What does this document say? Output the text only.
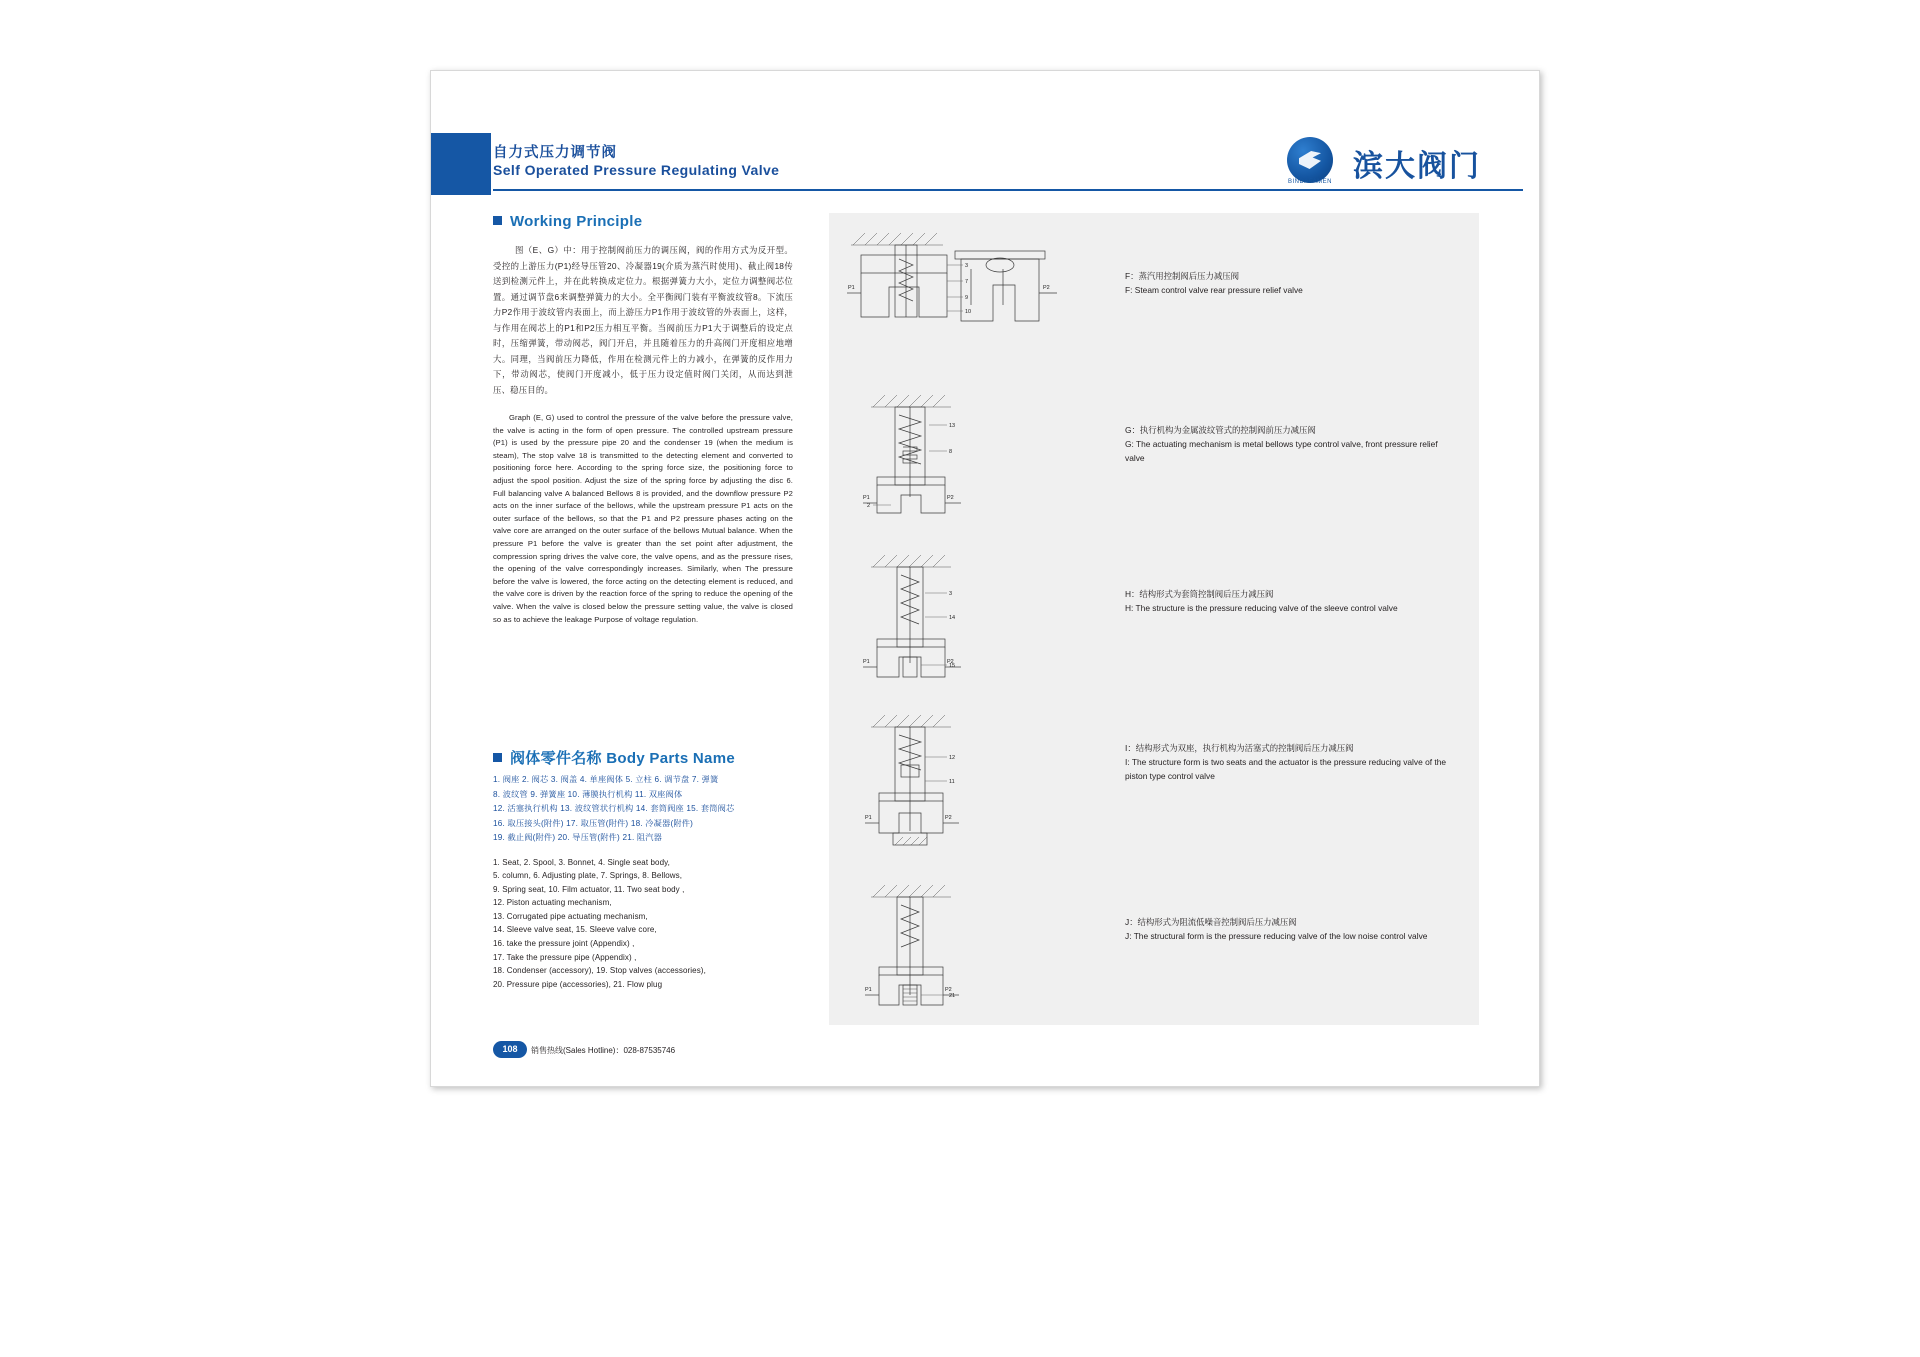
自力式压力调节阀
Self Operated Pressure Regulating Valve
BINDAFAMEN 滨大阀门
Working Principle
图（E、G）中：用于控制阀前压力的调压阀，阀的作用方式为反开型。受控的上游压力(P1)经导压管20、冷凝器19(介质为蒸汽时使用)、截止阀18传送到检测元件上，并在此转换成定位力。根据弹簧力大小，定位力调整阀芯位置。通过调节盘6来调整弹簧力的大小。全平衡阀门装有平衡波纹管8。下流压力P2作用于波纹管内表面上，而上游压力P1作用于波纹管的外表面上，这样，与作用在阀芯上的P1和P2压力相互平衡。当阀前压力P1大于调整后的设定点时，压缩弹簧，带动阀芯，阀门开启，并且随着压力的升高阀门开度相应地增大。同理，当阀前压力降低，作用在检测元件上的力减小，在弹簧的反作用力下，带动阀芯，使阀门开度减小，低于压力设定值时阀门关闭，从而达到泄压、稳压目的。
Graph (E, G) used to control the pressure of the valve before the pressure valve, the valve is acting in the form of open pressure. The controlled upstream pressure (P1) is used by the pressure pipe 20 and the condenser 19 (when the medium is steam), The stop valve 18 is transmitted to the detecting element and converted to positioning force here. According to the spring force size, the positioning force to adjust the spool position. Adjust the size of the spring force by adjusting the disc 6. Full balancing valve A balanced Bellows 8 is provided, and the downflow pressure P2 acts on the inner surface of the bellows, while the upstream pressure P1 acts on the outer surface of the bellows, so that the P1 and P2 pressure phases acting on the valve core are arranged on the outer surface of the bellows Mutual balance. When the pressure P1 before the valve is greater than the set point after adjustment, the compression spring drives the valve core, the valve opens, and as the pressure rises, the opening of the valve correspondingly increases. Similarly, when The pressure before the valve is lowered, the force acting on the detecting element is reduced, and the valve core is driven by the reaction force of the spring to reduce the opening of the valve. When the valve is closed below the pressure setting value, the valve is closed so as to achieve the leakage Purpose of voltage regulation.
阀体零件名称 Body Parts Name
1. 阀座 2. 阀芯 3. 阀盖 4. 单座阀体 5. 立柱 6. 调节盘 7. 弹簧
8. 波纹管 9. 弹簧座 10. 薄膜执行机构 11. 双座阀体
12. 活塞执行机构 13. 波纹管状行机构 14. 套筒阀座 15. 套筒阀芯
16. 取压接头(附件) 17. 取压管(附件) 18. 冷凝器(附件)
19. 截止阀(附件) 20. 导压管(附件) 21. 阻汽器
1. Seat, 2. Spool, 3. Bonnet, 4. Single seat body,
5. column, 6. Adjusting plate, 7. Springs, 8. Bellows,
9. Spring seat, 10. Film actuator, 11. Two seat body ,
12. Piston actuating mechanism,
13. Corrugated pipe actuating mechanism,
14. Sleeve valve seat, 15. Sleeve valve core,
16. take the pressure joint (Appendix) ,
17. Take the pressure pipe (Appendix) ,
18. Condenser (accessory), 19. Stop valves (accessories),
20. Pressure pipe (accessories), 21. Flow plug
108	销售热线(Sales Hotline)：028-87535746
P1	P2
3
7
9
10
F：蒸汽用控制阀后压力减压阀
F: Steam control valve rear pressure relief valve
P1	P2
13
8
2
G：执行机构为金属波纹管式的控制阀前压力减压阀
G: The actuating mechanism is metal bellows type control valve, front pressure relief valve
P1	P2
3
14
15
H：结构形式为套筒控制阀后压力减压阀
H: The structure is the pressure reducing valve of the sleeve control valve
P1	P2
12
11
I：结构形式为双座，执行机构为活塞式的控制阀后压力减压阀
I: The structure form is two seats and the actuator is the pressure reducing valve of the piston type control valve
P1	P2
21
J：结构形式为阻流低噪音控制阀后压力减压阀
J: The structural form is the pressure reducing valve of the low noise control valve
